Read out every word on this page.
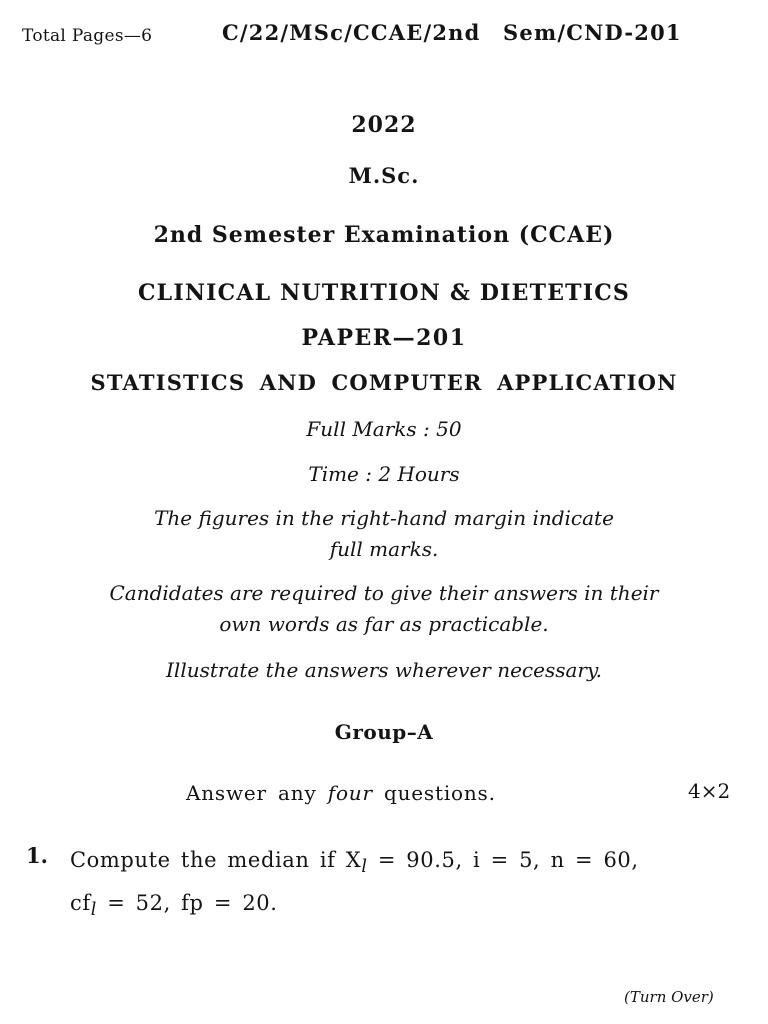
Total Pages—6	C/22/MSc/CCAE/2nd Sem/CND-201
2022
M.Sc.
2nd Semester Examination (CCAE)
CLINICAL NUTRITION & DIETETICS
PAPER—201
STATISTICS AND COMPUTER APPLICATION
Full Marks : 50
Time : 2 Hours
The figures in the right-hand margin indicate
full marks.
Candidates are required to give their answers in their
own words as far as practicable.
Illustrate the answers wherever necessary.
Group–A
Answer any four questions.	4×2
1. Compute the median if $X_l = 90.5$, i = 5, n = 60,
$cf_l = 52$, fp = 20.
(Turn Over)
